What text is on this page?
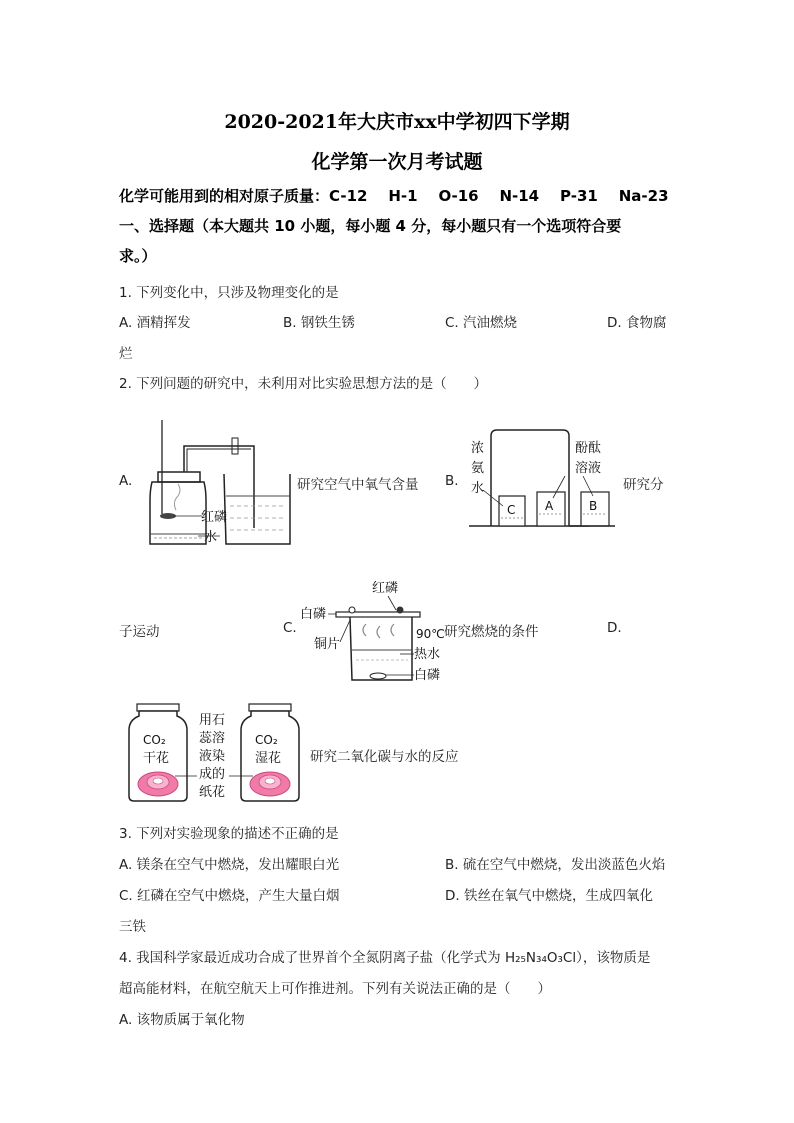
2020-2021年大庆市xx中学初四下学期
化学第一次月考试题
化学可能用到的相对原子质量：C-12    H-1    O-16    N-14    P-31    Na-23
一、选择题（本大题共 10 小题，每小题 4 分，每小题只有一个选项符合要
求。）
1. 下列变化中，只涉及物理变化的是
A. 酒精挥发	B. 钢铁生锈	C. 汽油燃烧	D. 食物腐
烂
2. 下列问题的研究中，未利用对比实验思想方法的是（　　）
A.
红磷
水
研究空气中氧气含量 B.
C A	B
浓
氨
水
酚酞
溶液
研究分
子运动	C.
红磷
白磷
铜片
90℃
热水
白磷
研究燃烧的条件	D.
CO₂
干花
CO₂
湿花
用石
蕊溶
液染
成的
纸花
研究二氧化碳与水的反应
3. 下列对实验现象的描述不正确的是
A. 镁条在空气中燃烧，发出耀眼白光	B. 硫在空气中燃烧，发出淡蓝色火焰
C. 红磷在空气中燃烧，产生大量白烟	D. 铁丝在氧气中燃烧，生成四氧化
三铁
4. 我国科学家最近成功合成了世界首个全氮阴离子盐（化学式为 H₂₅N₃₄O₃Cl），该物质是
超高能材料，在航空航天上可作推进剂。下列有关说法正确的是（　　）
A. 该物质属于氧化物
